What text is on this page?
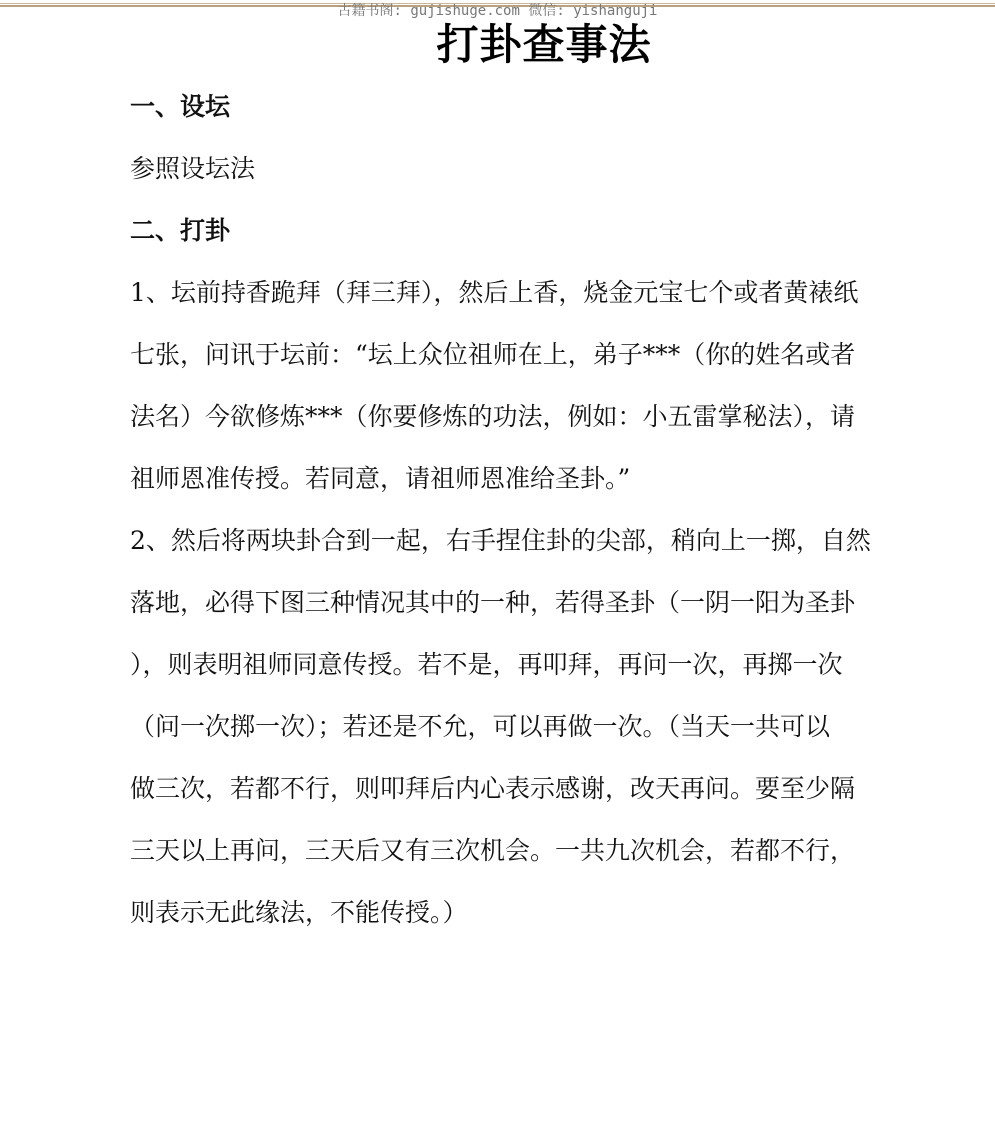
古籍书阁: gujishuge.com 微信: yishanguji
打卦查事法
一、设坛
参照设坛法
二、打卦
1、坛前持香跪拜（拜三拜），然后上香，烧金元宝七个或者黄裱纸
七张，问讯于坛前：“坛上众位祖师在上，弟子***（你的姓名或者
法名）今欲修炼***（你要修炼的功法，例如：小五雷掌秘法），请
祖师恩准传授。若同意，请祖师恩准给圣卦。”
2、然后将两块卦合到一起，右手捏住卦的尖部，稍向上一掷，自然
落地，必得下图三种情况其中的一种，若得圣卦（一阴一阳为圣卦
），则表明祖师同意传授。若不是，再叩拜，再问一次，再掷一次
（问一次掷一次）；若还是不允，可以再做一次。（当天一共可以
做三次，若都不行，则叩拜后内心表示感谢，改天再问。要至少隔
三天以上再问，三天后又有三次机会。一共九次机会，若都不行，
则表示无此缘法，不能传授。）
